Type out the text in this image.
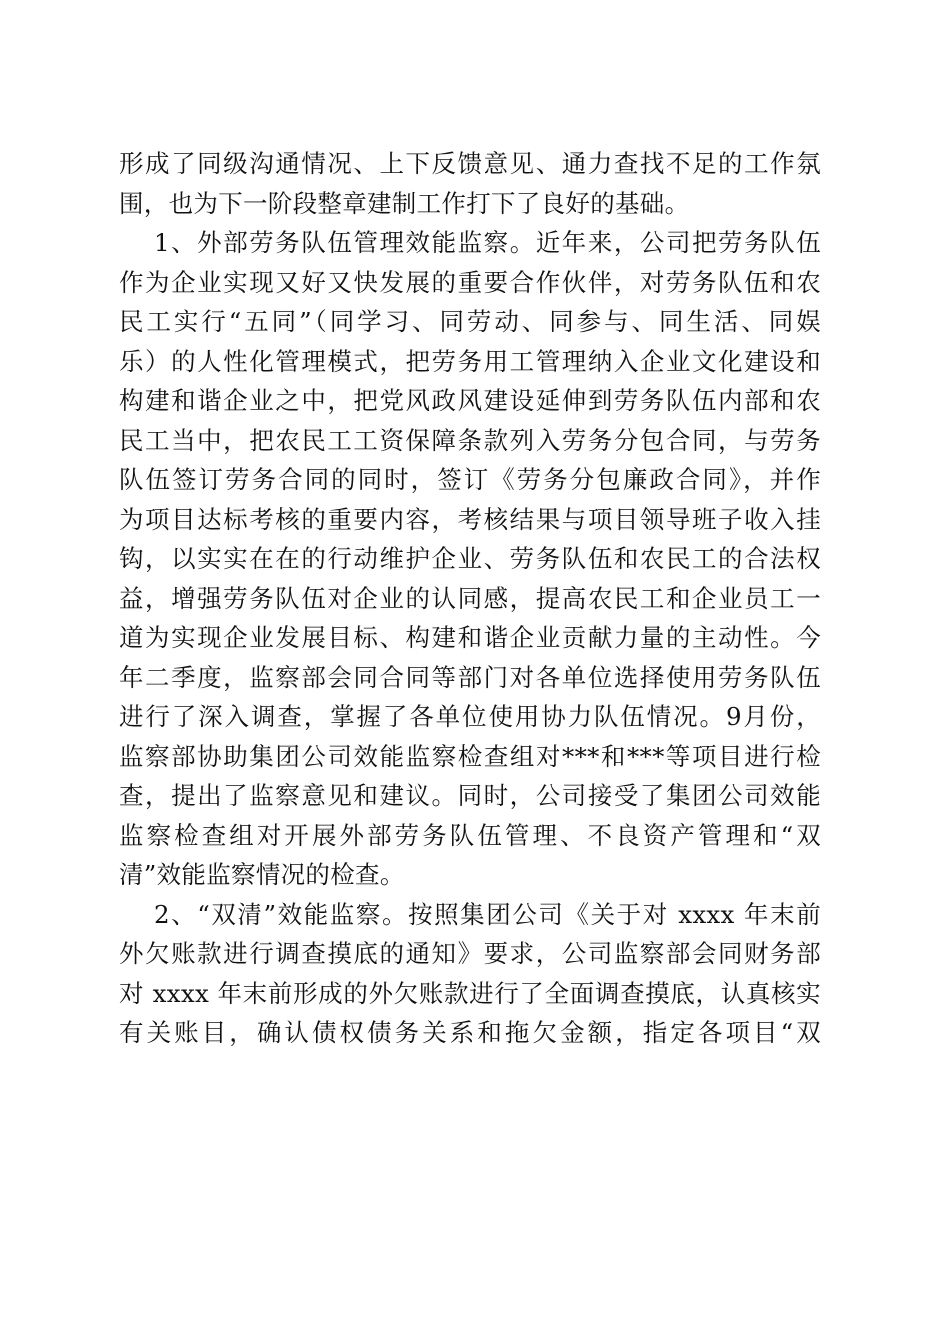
形成了同级沟通情况、上下反馈意见、通力查找不足的工作氛
围，也为下一阶段整章建制工作打下了良好的基础。

1、外部劳务队伍管理效能监察。近年来，公司把劳务队伍
作为企业实现又好又快发展的重要合作伙伴，对劳务队伍和农
民工实行“五同”（同学习、同劳动、同参与、同生活、同娱
乐）的人性化管理模式，把劳务用工管理纳入企业文化建设和
构建和谐企业之中，把党风政风建设延伸到劳务队伍内部和农
民工当中，把农民工工资保障条款列入劳务分包合同，与劳务
队伍签订劳务合同的同时，签订《劳务分包廉政合同》，并作
为项目达标考核的重要内容，考核结果与项目领导班子收入挂
钩，以实实在在的行动维护企业、劳务队伍和农民工的合法权
益，增强劳务队伍对企业的认同感，提高农民工和企业员工一
道为实现企业发展目标、构建和谐企业贡献力量的主动性。今
年二季度，监察部会同合同等部门对各单位选择使用劳务队伍
进行了深入调查，掌握了各单位使用协力队伍情况。9月份，
监察部协助集团公司效能监察检查组对***和***等项目进行检
查，提出了监察意见和建议。同时，公司接受了集团公司效能
监察检查组对开展外部劳务队伍管理、不良资产管理和“双
清”效能监察情况的检查。

2、“双清”效能监察。按照集团公司《关于对 xxxx 年末前
外欠账款进行调查摸底的通知》要求，公司监察部会同财务部
对 xxxx 年末前形成的外欠账款进行了全面调查摸底，认真核实
有关账目，确认债权债务关系和拖欠金额，指定各项目“双
